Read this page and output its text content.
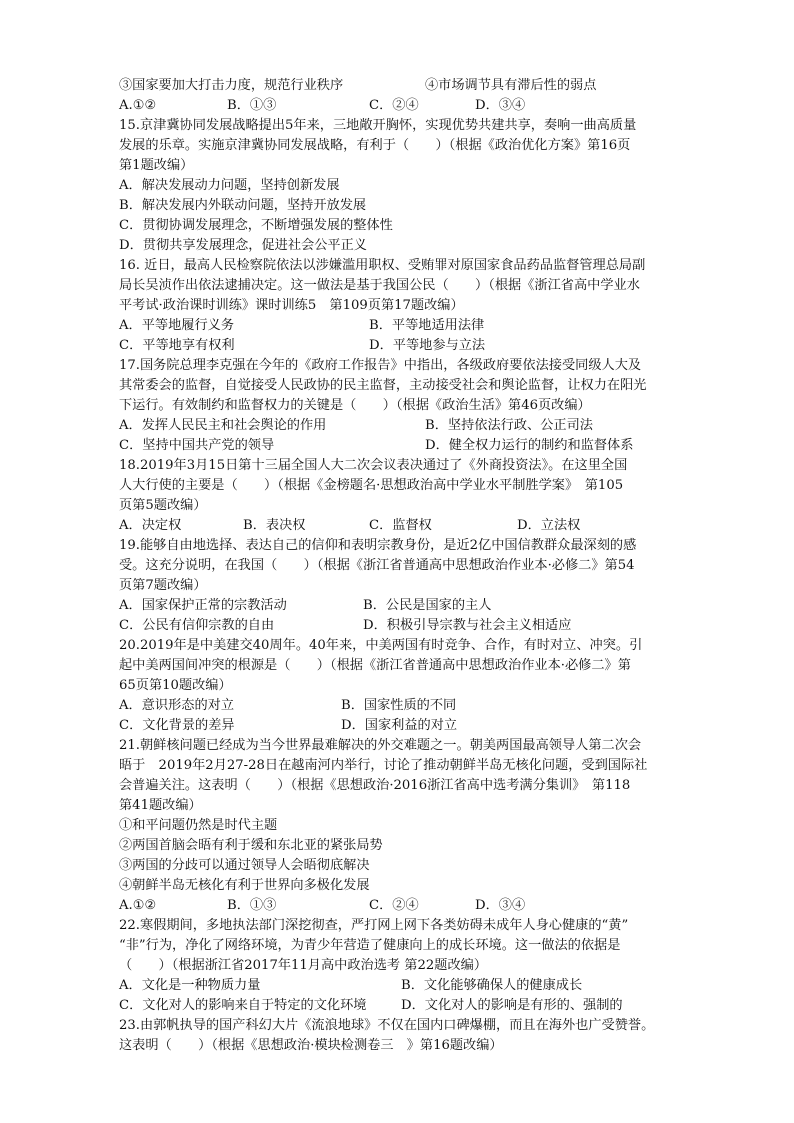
③国家要加大打击力度，规范行业秩序	④市场调节具有滞后性的弱点
A.①②	B．①③	C．②④	D．③④
15.京津冀协同发展战略提出5年来，三地敞开胸怀，实现优势共建共享，奏响一曲高质量
发展的乐章。实施京津冀协同发展战略，有利于（　　）（根据《政治优化方案》第16页
第1题改编）
A．解决发展动力问题，坚持创新发展
B．解决发展内外联动问题，坚持开放发展
C．贯彻协调发展理念，不断增强发展的整体性
D．贯彻共享发展理念，促进社会公平正义
16. 近日，最高人民检察院依法以涉嫌滥用职权、受贿罪对原国家食品药品监督管理总局副
局长吴浈作出依法逮捕决定。这一做法是基于我国公民（　　）（根据《浙江省高中学业水
平考试·政治课时训练》课时训练5　第109页第17题改编）
A．平等地履行义务	B．平等地适用法律
C．平等地享有权利	D．平等地参与立法
17.国务院总理李克强在今年的《政府工作报告》中指出，各级政府要依法接受同级人大及
其常委会的监督，自觉接受人民政协的民主监督，主动接受社会和舆论监督，让权力在阳光
下运行。有效制约和监督权力的关键是（　　）（根据《政治生活》第46页改编）
A．发挥人民民主和社会舆论的作用	B．坚持依法行政、公正司法
C．坚持中国共产党的领导	D．健全权力运行的制约和监督体系
18.2019年3月15日第十三届全国人大二次会议表决通过了《外商投资法》。在这里全国
人大行使的主要是（　　）（根据《金榜题名·思想政治高中学业水平制胜学案》　第105
页第5题改编）
A．决定权	B．表决权	C．监督权	D．立法权
19.能够自由地选择、表达自己的信仰和表明宗教身份，是近2亿中国信教群众最深刻的感
受。这充分说明，在我国（　　）（根据《浙江省普通高中思想政治作业本·必修二》第54
页第7题改编）
A．国家保护正常的宗教活动	B．公民是国家的主人
C．公民有信仰宗教的自由	D．积极引导宗教与社会主义相适应
20.2019年是中美建交40周年。40年来，中美两国有时竞争、合作，有时对立、冲突。引
起中美两国间冲突的根源是（　　）（根据《浙江省普通高中思想政治作业本·必修二》第
65页第10题改编）
A．意识形态的对立	B．国家性质的不同
C．文化背景的差异	D．国家利益的对立
21.朝鲜核问题已经成为当今世界最难解决的外交难题之一。朝美两国最高领导人第二次会
晤于　2019年2月27-28日在越南河内举行，讨论了推动朝鲜半岛无核化问题，受到国际社
会普遍关注。这表明（　　）（根据《思想政治·2016浙江省高中选考满分集训》　第118
第41题改编）
①和平问题仍然是时代主题
②两国首脑会晤有利于缓和东北亚的紧张局势
③两国的分歧可以通过领导人会晤彻底解决
④朝鲜半岛无核化有利于世界向多极化发展
A.①②	B．①③	C．②④	D．③④
22.寒假期间，多地执法部门深挖彻查，严打网上网下各类妨碍未成年人身心健康的“黄”
“非”行为，净化了网络环境，为青少年营造了健康向上的成长环境。这一做法的依据是
（　　）（根据浙江省2017年11月高中政治选考 第22题改编）
A．文化是一种物质力量	B．文化能够确保人的健康成长
C．文化对人的影响来自于特定的文化环境	D．文化对人的影响是有形的、强制的
23.由郭帆执导的国产科幻大片《流浪地球》不仅在国内口碑爆棚，而且在海外也广受赞誉。
这表明（　　）（根据《思想政治·模块检测卷三　》第16题改编）
